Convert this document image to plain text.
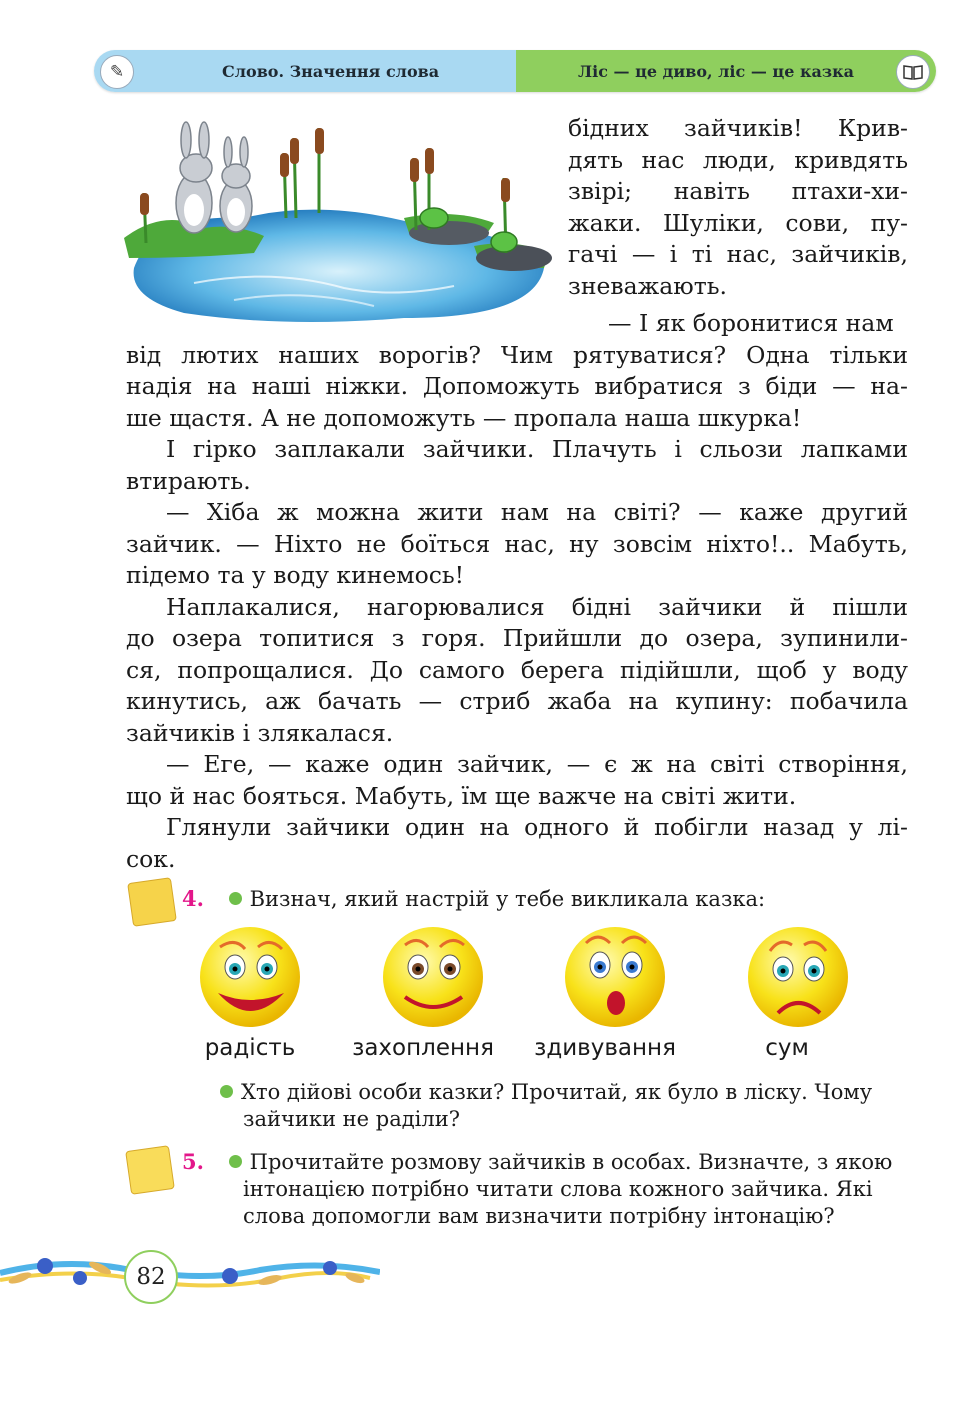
✎	Слово. Значення слова	Ліс — це диво, ліс — це казка
бідних зайчиків! Крив-
дять нас люди, кривдять
звірі; навіть птахи-хи-
жаки. Шуліки, сови, пу-
гачі — і ті нас, зайчиків,
зневажають.
— І як боронитися нам
від лютих наших ворогів? Чим рятуватися? Одна тільки
надія на наші ніжки. Допоможуть вибратися з біди — на-
ше щастя. А не допоможуть — пропала наша шкурка!
І гірко заплакали зайчики. Плачуть і сльози лапками
втирають.
— Хіба ж можна жити нам на світі? — каже другий
зайчик. — Ніхто не боїться нас, ну зовсім ніхто!.. Мабуть,
підемо та у воду кинемось!
Наплакалися, нагорювалися бідні зайчики й пішли
до озера топитися з горя. Прийшли до озера, зупинили-
ся, попрощалися. До самого берега підійшли, щоб у воду
кинутись, аж бачать — стриб жаба на купину: побачила
зайчиків і злякалася.
— Еге, — каже один зайчик, — є ж на світі створіння,
що й нас бояться. Мабуть, їм ще важче на світі жити.
Глянули зайчики один на одного й побігли назад у лі-
сок.
4. Визнач, який настрій у тебе викликала казка:
радість	захоплення	здивування	сум
Хто дійові особи казки? Прочитай, як було в ліску. Чому
зайчики не раділи?
5. Прочитайте розмову зайчиків в особах. Визначте, з якою
інтонацією потрібно читати слова кожного зайчика. Які
слова допомогли вам визначити потрібну інтонацію?
82
